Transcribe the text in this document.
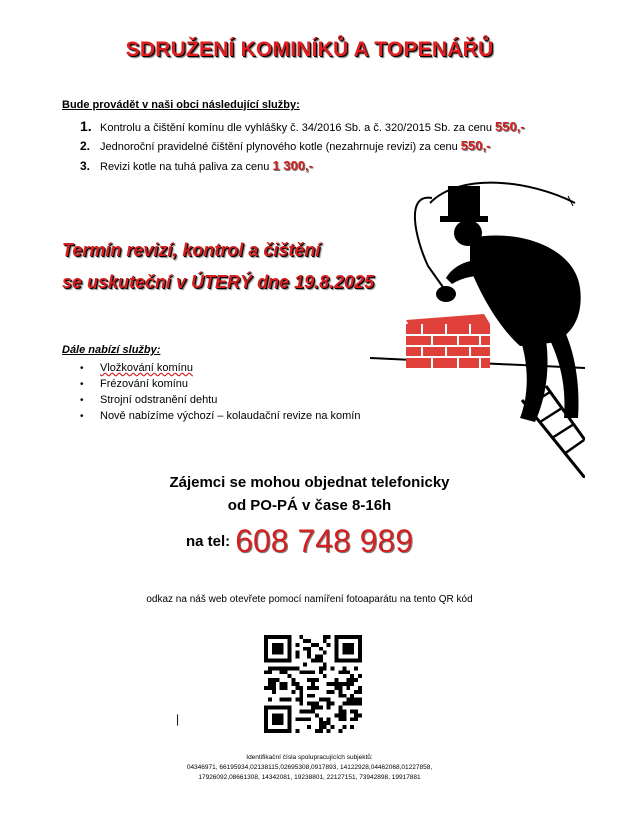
SDRUŽENÍ KOMINÍKŮ A TOPENÁŘŮ
Bude provádět v naši obci následující služby:
1. Kontrolu a čištění komínu dle vyhlášky č. 34/2016 Sb. a č. 320/2015 Sb. za cenu 550,-
2. Jednoroční pravidelné čištění plynového kotle (nezahrnuje revizi) za cenu 550,-
3. Revizi kotle na tuhá paliva za cenu 1 300,-
Termín revizí, kontrol a čištění
se uskuteční v ÚTERÝ dne 19.8.2025
Dále nabízí služby:
• Vložkování komínu
• Frézování komínu
• Strojní odstranění dehtu
• Nově nabízíme výchozí – kolaudační revize na komín
Zájemci se mohou objednat telefonicky
od PO-PÁ v čase 8-16h
na tel: 608 748 989
odkaz na náš web otevřete pomocí namíření fotoaparátu na tento QR kód
|
Identifikační čísla spolupracujících subjektů:
04346971, 66195934,02138115,02695308,0917893, 14122928,04462068,01227858,
17926092,08661308, 14342081, 19238801, 22127151, 73942898, 19917881
